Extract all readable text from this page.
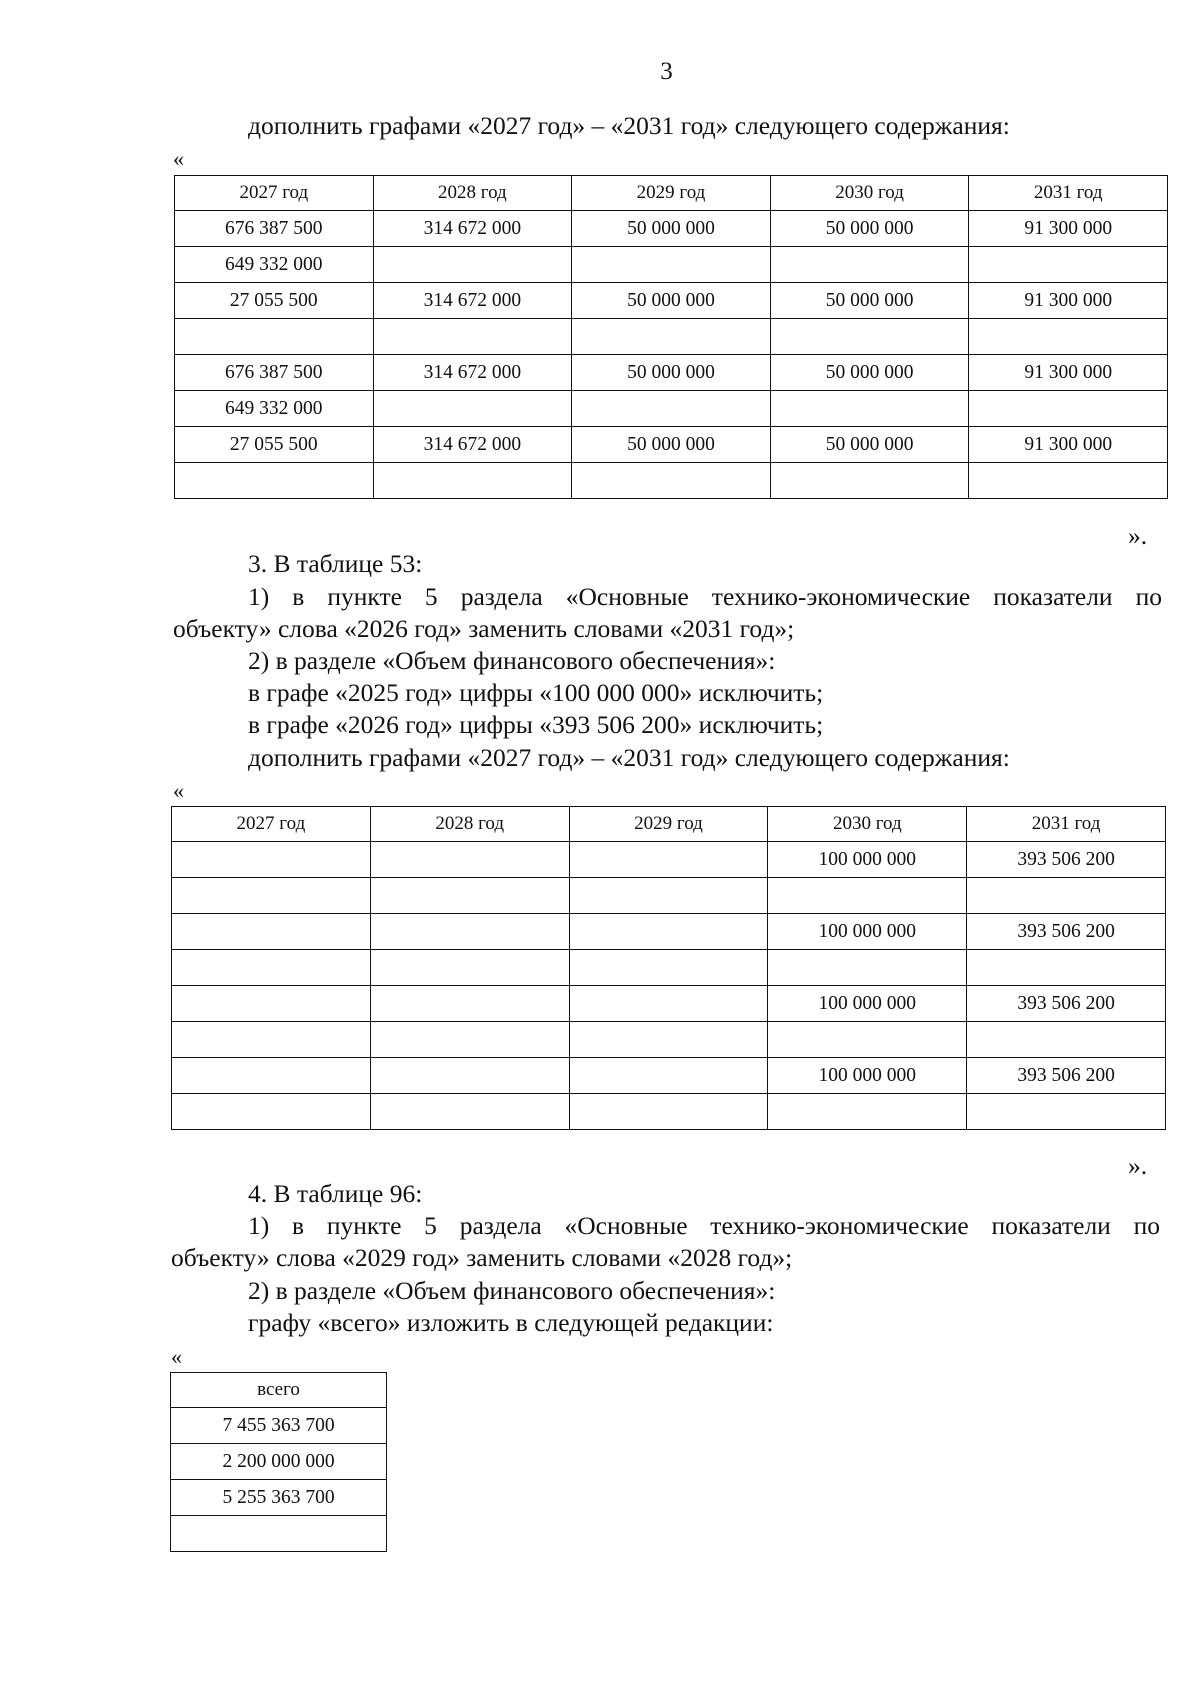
3
дополнить графами «2027 год» – «2031 год» следующего содержания:
«
2027 год	2028 год	2029 год	2030 год	2031 год
676 387 500	314 672 000	50 000 000	50 000 000	91 300 000
649 332 000				
27 055 500	314 672 000	50 000 000	50 000 000	91 300 000

676 387 500	314 672 000	50 000 000	50 000 000	91 300 000
649 332 000				
27 055 500	314 672 000	50 000 000	50 000 000	91 300 000

».
3. В таблице 53:
1) в пункте 5 раздела «Основные технико-экономические показатели по
объекту» слова «2026 год» заменить словами «2031 год»;
2) в разделе «Объем финансового обеспечения»:
в графе «2025 год» цифры «100 000 000» исключить;
в графе «2026 год» цифры «393 506 200» исключить;
дополнить графами «2027 год» – «2031 год» следующего содержания:
«
2027 год	2028 год	2029 год	2030 год	2031 год
			100 000 000	393 506 200

			100 000 000	393 506 200

			100 000 000	393 506 200

			100 000 000	393 506 200

».
4. В таблице 96:
1) в пункте 5 раздела «Основные технико-экономические показатели по
объекту» слова «2029 год» заменить словами «2028 год»;
2) в разделе «Объем финансового обеспечения»:
графу «всего» изложить в следующей редакции:
«
всего
7 455 363 700
2 200 000 000
5 255 363 700
